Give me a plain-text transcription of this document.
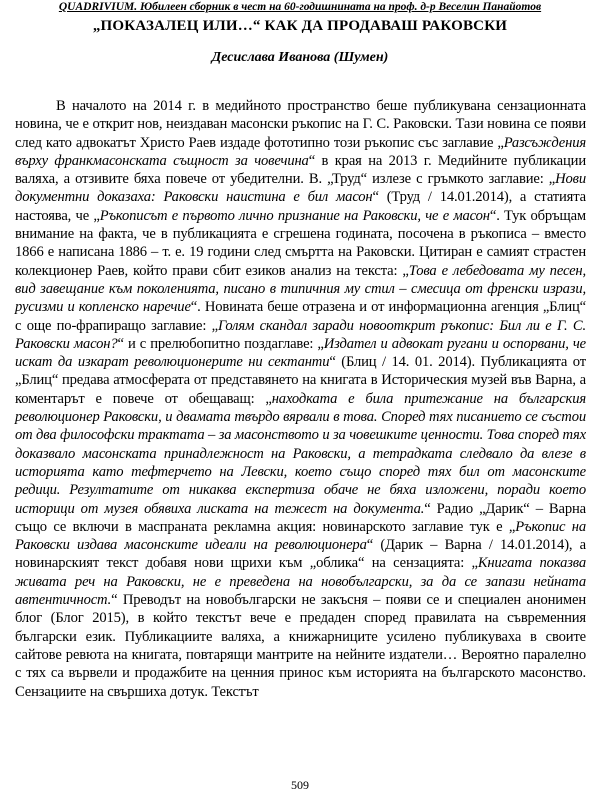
QUADRIVIUM. Юбилеен сборник в чест на 60-годишнината на проф. д-р Веселин Панайотов
„ПОКАЗАЛЕЦ ИЛИ…“ КАК ДА ПРОДАВАШ РАКОВСКИ
Десислава Иванова (Шумен)
В началото на 2014 г. в медийното пространство беше публикувана сензационната новина, че е открит нов, неиздаван масонски ръкопис на Г. С. Раковски. Тази новина се появи след като адвокатът Христо Раев издаде фототипно този ръкопис със заглавие „Разсъждения върху франкмасонската същност за човечина“ в края на 2013 г. Медийните публикации валяха, а отзивите бяха повече от убедителни. В. „Труд“ излезе с гръмкото заглавие: „Нови документни доказаха: Раковски наистина е бил масон“ (Труд / 14.01.2014), а статията настоява, че „Ръкописът е първото лично признание на Раковски, че е масон“. Тук обръщам внимание на факта, че в публикацията е сгрешена годината, посочена в ръкописа – вместо 1866 е написана 1886 – т. е. 19 години след смъртта на Раковски. Цитиран е самият страстен колекционер Раев, който прави сбит езиков анализ на текста: „Това е лебедовата му песен, вид завещание към поколенията, писано в типичния му стил – смесица от френски изрази, русизми и копленско наречие“. Новината беше отразена и от информационна агенция „Блиц“ с още по-фрапиращо заглавие: „Голям скандал заради новооткрит ръкопис: Бил ли е Г. С. Раковски масон?“ и с прелюбопитно поздаглаве: „Издател и адвокат ругани и оспорвани, че искат да изкарат революционерите ни сектанти“ (Блиц / 14. 01. 2014). Публикацията от „Блиц“ предава атмосферата от представянето на книгата в Историческия музей във Варна, а коментарът е повече от обещаващ: „находката е била притежание на българския революционер Раковски, и двамата твърдо вярвали в това. Според тях писанието се състои от два философски трактата – за масонството и за човешките ценности. Това според тях доказвало масонската принадлежност на Раковски, а тетрадката следвало да влезе в историята като тефтерчето на Левски, което също според тях бил от масонските редици. Резултатите от никаква експертиза обаче не бяха изложени, поради което историци от музея обявиха лиската на тежест на документа.“ Радио „Дарик“ – Варна също се включи в маспраната рекламна акция: новинарското заглавие тук е „Ръкопис на Раковски издава масонските идеали на революционера“ (Дарик – Варна / 14.01.2014), а новинарският текст добавя нови щрихи към „облика“ на сензацията: „Книгата показва живата реч на Раковски, не е преведена на новобългарски, за да се запази нейната автентичност.“ Преводът на новобългарски не закъсня – появи се и специален анонимен блог (Блог 2015), в който текстът вече е предаден според правилата на съвременния български език. Публикациите валяха, а книжарниците усилено публикуваха в своите сайтове ревюта на книгата, повтарящи мантрите на нейните издатели… Вероятно паралелно с тях са вървели и продажбите на ценния принос към историята на българското масонство. Сензациите на свършиха дотук. Текстът
509
